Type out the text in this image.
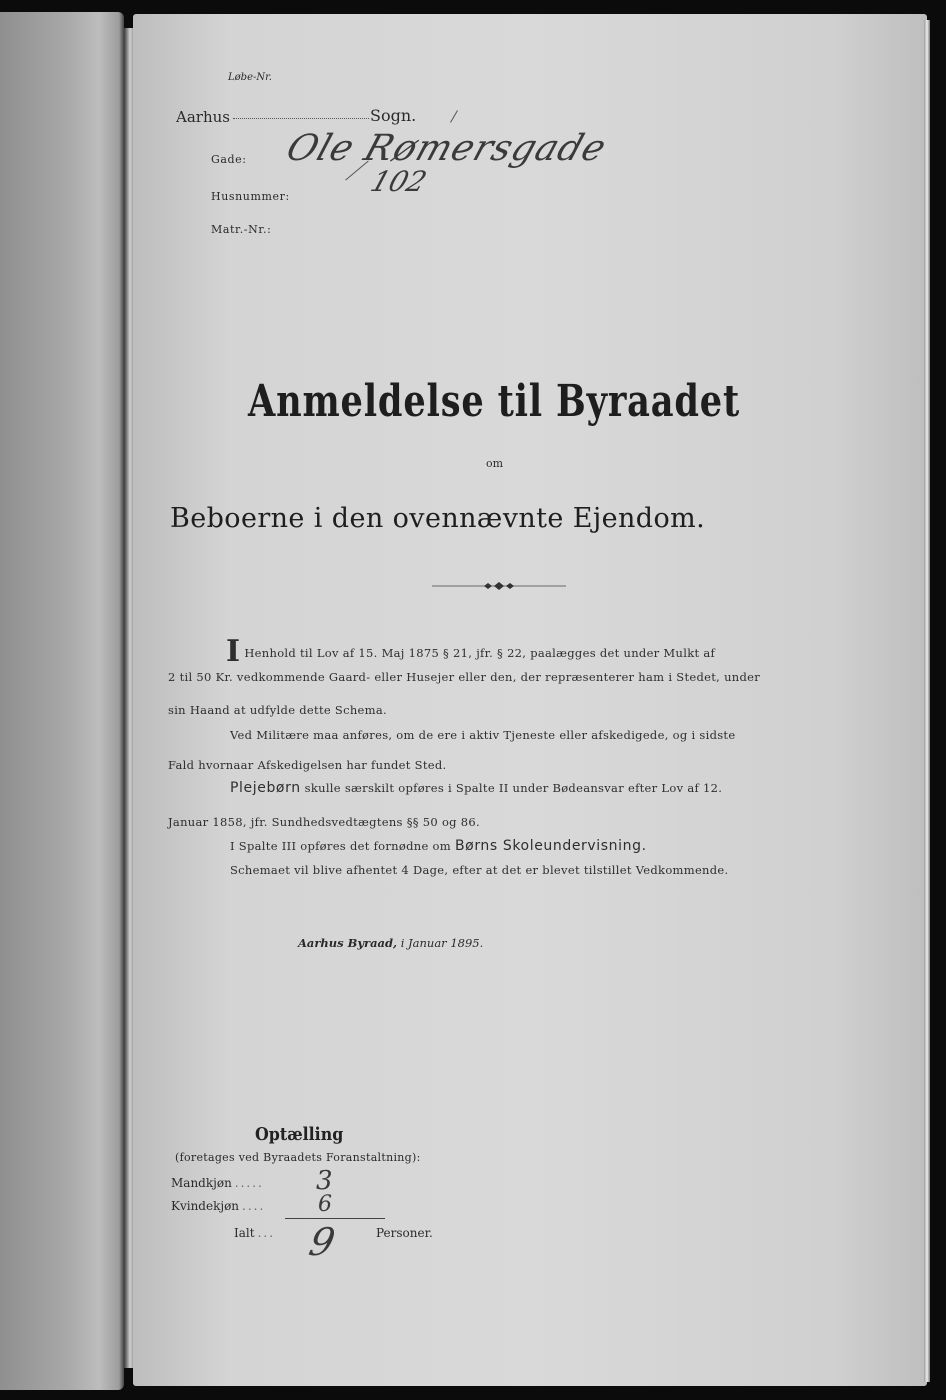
Løbe-Nr.
Aarhus	Sogn.
Gade: Ole Rømersgade
Husnummer:	102
Matr.-Nr.:
Anmeldelse til Byraadet
om
Beboerne i den ovennævnte Ejendom.
I Henhold til Lov af 15. Maj 1875 § 21, jfr. § 22, paalægges det under Mulkt af
2 til 50 Kr. vedkommende Gaard- eller Husejer eller den, der repræsenterer ham i Stedet, under
sin Haand at udfylde dette Schema.
Ved Militære maa anføres, om de ere i aktiv Tjeneste eller afskedigede, og i sidste
Fald hvornaar Afskedigelsen har fundet Sted.
Plejebørn skulle særskilt opføres i Spalte II under Bødeansvar efter Lov af 12.
Januar 1858, jfr. Sundhedsvedtægtens §§ 50 og 86.
I Spalte III opføres det fornødne om Børns Skoleundervisning.
Schemaet vil blive afhentet 4 Dage, efter at det er blevet tilstillet Vedkommende.
Aarhus Byraad, i Januar 1895.
Optælling
(foretages ved Byraadets Foranstaltning):
Mandkjøn ..... 3
Kvindekjøn .... 6
Ialt ... 9	Personer.
